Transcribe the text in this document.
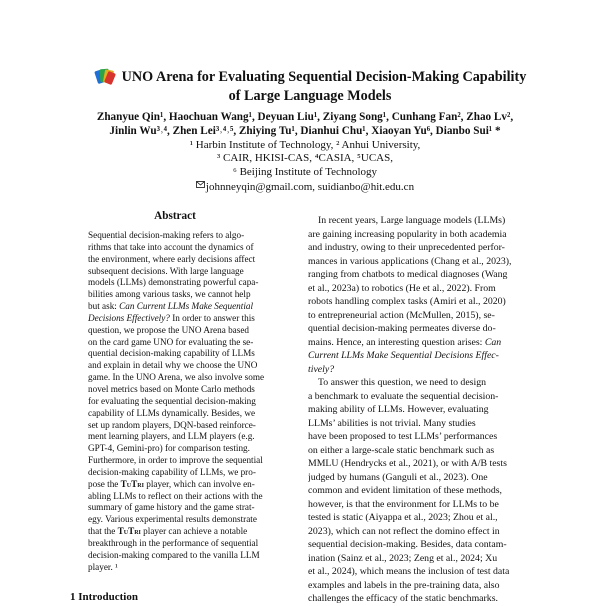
UNO Arena for Evaluating Sequential Decision-Making Capability
of Large Language Models
Zhanyue Qin¹, Haochuan Wang¹, Deyuan Liu¹, Ziyang Song¹, Cunhang Fan², Zhao Lv²,
Jinlin Wu³˒⁴, Zhen Lei³˒⁴˒⁵, Zhiying Tu¹, Dianhui Chu¹, Xiaoyan Yu⁶, Dianbo Sui¹ *
¹ Harbin Institute of Technology, ² Anhui University,
³ CAIR, HKISI-CAS, ⁴CASIA, ⁵UCAS,
⁶ Beijing Institute of Technology
johnneyqin@gmail.com, suidianbo@hit.edu.cn
Abstract
Sequential decision-making refers to algo-
rithms that take into account the dynamics of
the environment, where early decisions affect
subsequent decisions. With large language
models (LLMs) demonstrating powerful capa-
bilities among various tasks, we cannot help
but ask: Can Current LLMs Make Sequential
Decisions Effectively? In order to answer this
question, we propose the UNO Arena based
on the card game UNO for evaluating the se-
quential decision-making capability of LLMs
and explain in detail why we choose the UNO
game. In the UNO Arena, we also involve some
novel metrics based on Monte Carlo methods
for evaluating the sequential decision-making
capability of LLMs dynamically. Besides, we
set up random players, DQN-based reinforce-
ment learning players, and LLM players (e.g.
GPT-4, Gemini-pro) for comparison testing.
Furthermore, in order to improve the sequential
decision-making capability of LLMs, we pro-
pose the TuTri player, which can involve en-
abling LLMs to reflect on their actions with the
summary of game history and the game strat-
egy. Various experimental results demonstrate
that the TuTri player can achieve a notable
breakthrough in the performance of sequential
decision-making compared to the vanilla LLM
player. ¹
In recent years, Large language models (LLMs)
are gaining increasing popularity in both academia
and industry, owing to their unprecedented perfor-
mances in various applications (Chang et al., 2023),
ranging from chatbots to medical diagnoses (Wang
et al., 2023a) to robotics (He et al., 2022). From
robots handling complex tasks (Amiri et al., 2020)
to entrepreneurial action (McMullen, 2015), se-
quential decision-making permeates diverse do-
mains. Hence, an interesting question arises: Can
Current LLMs Make Sequential Decisions Effec-
tively?
To answer this question, we need to design
a benchmark to evaluate the sequential decision-
making ability of LLMs. However, evaluating
LLMs’ abilities is not trivial. Many studies
have been proposed to test LLMs’ performances
on either a large-scale static benchmark such as
MMLU (Hendrycks et al., 2021), or with A/B tests
judged by humans (Ganguli et al., 2023). One
common and evident limitation of these methods,
however, is that the environment for LLMs to be
tested is static (Aiyappa et al., 2023; Zhou et al.,
2023), which can not reflect the domino effect in
sequential decision-making. Besides, data contam-
ination (Sainz et al., 2023; Zeng et al., 2024; Xu
et al., 2024), which means the inclusion of test data
examples and labels in the pre-training data, also
challenges the efficacy of the static benchmarks.
1 Introduction
